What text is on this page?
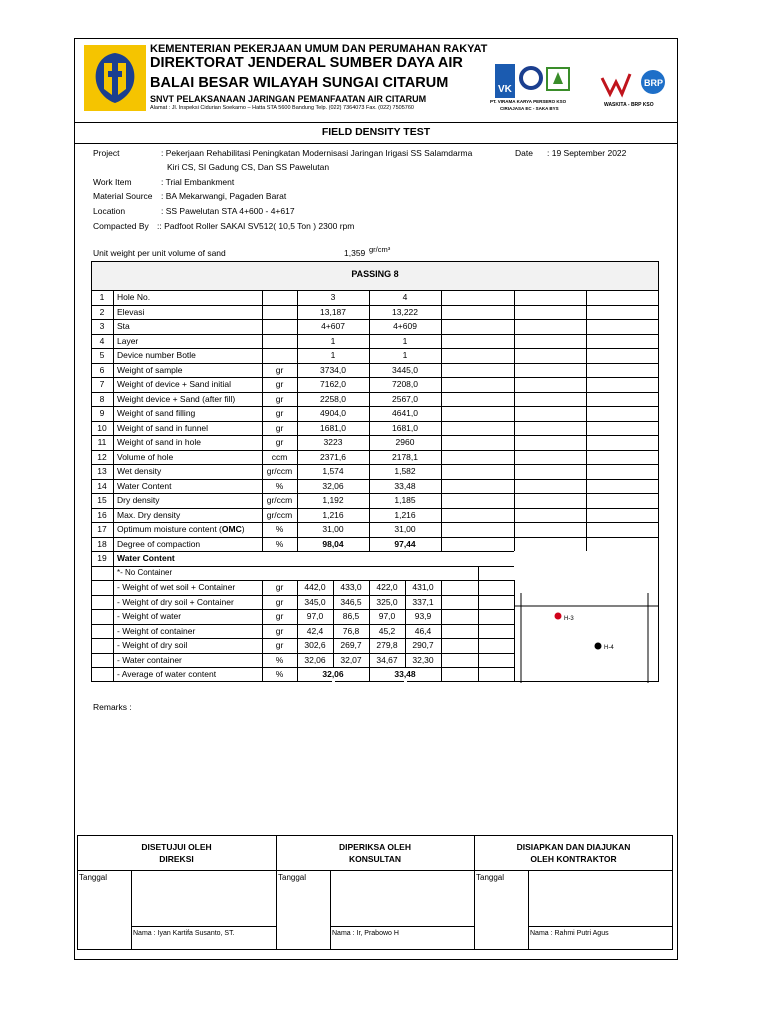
KEMENTERIAN PEKERJAAN UMUM DAN PERUMAHAN RAKYAT
DIREKTORAT JENDERAL SUMBER DAYA AIR
BALAI BESAR WILAYAH SUNGAI CITARUM
SNVT PELAKSANAAN JARINGAN PEMANFAATAN AIR CITARUM
Alamat : Jl. Inspeksi Cidurian Soekarno – Hatta STA 5600 Bandung Telp. (022) 7364073 Fax. (022) 7505760
VK
PT. VIRAMA KARYA PERSERO KSO
CIRIAJASA EC - SAKA BYS
BRP
WASKITA - BRP KSO
FIELD DENSITY TEST
Project	: Pekerjaan Rehabilitasi Peningkatan Modernisasi Jaringan Irigasi SS Salamdarma
Kiri CS, SI Gadung CS, Dan SS Pawelutan
Date : 19 September 2022
Work Item	: Trial Embankment
Material Source : BA Mekarwangi, Pagaden Barat
Location	: SS Pawelutan STA 4+600 - 4+617
Compacted By :: Padfoot Roller SAKAI SV512( 10,5 Ton ) 2300 rpm
Unit weight per unit volume of sand	1,359 gr/cm³
PASSING 8
1	Hole No.	3	4
2	Elevasi	13,187	13,222
3	Sta	4+607	4+609
4	Layer	1	1
5	Device number Botle	1	1
6	Weight of sample	gr	3734,0	3445,0
7	Weight of device + Sand initial	gr	7162,0	7208,0
8	Weight device + Sand (after fill)	gr	2258,0	2567,0
9	Weight of sand filling	gr	4904,0	4641,0
10	Weight of sand in funnel	gr	1681,0	1681,0
11	Weight of sand in hole	gr	3223	2960
12	Volume of hole	ccm	2371,6	2178,1
13	Wet density	gr/ccm	1,574	1,582
14	Water Content	%	32,06	33,48
15	Dry density	gr/ccm	1,192	1,185
16	Max. Dry density	gr/ccm	1,216	1,216
17	Optimum moisture content (OMC)	%	31,00	31,00
18	Degree of compaction	%	98,04	97,44
19	Water Content
*- No Container
- Weight of wet soil + Container	gr	442,0	433,0	422,0	431,0
- Weight of dry soil + Container	gr	345,0	346,5	325,0	337,1
- Weight of water	gr	97,0	86,5	97,0	93,9
- Weight of container	gr	42,4	76,8	45,2	46,4
- Weight of dry soil	gr	302,6	269,7	279,8	290,7
- Water container	%	32,06	32,07	34,67	32,30
- Average of water content	%	32,06	33,48
H-3
H-4
Remarks :
DISETUJUI OLEH
DIREKSI
Tanggal
Nama : Iyan Kartifa Susanto, ST.
DIPERIKSA OLEH
KONSULTAN
Tanggal
Nama : Ir, Prabowo H
DISIAPKAN DAN DIAJUKAN
OLEH KONTRAKTOR
Tanggal
Nama : Rahmi Putri Agus
